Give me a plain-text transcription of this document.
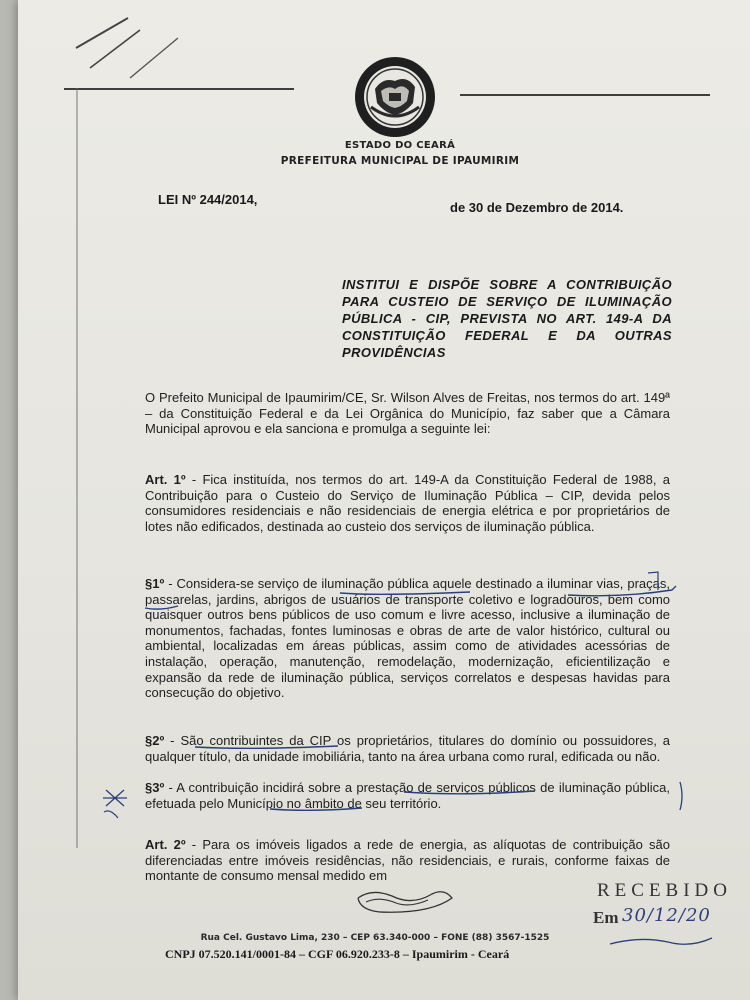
ESTADO DO CEARÁ
PREFEITURA MUNICIPAL DE IPAUMIRIM
LEI Nº 244/2014,
de 30 de Dezembro de 2014.
INSTITUI E DISPÕE SOBRE A CONTRIBUIÇÃO PARA CUSTEIO DE SERVIÇO DE ILUMINAÇÃO PÚBLICA - CIP, PREVISTA NO ART. 149-A DA CONSTITUIÇÃO FEDERAL E DA OUTRAS PROVIDÊNCIAS
O Prefeito Municipal de Ipaumirim/CE, Sr. Wilson Alves de Freitas, nos termos do art. 149ª – da Constituição Federal e da Lei Orgânica do Município, faz saber que a Câmara Municipal aprovou e ela sanciona e promulga a seguinte lei:
Art. 1º - Fica instituída, nos termos do art. 149-A da Constituição Federal de 1988, a Contribuição para o Custeio do Serviço de Iluminação Pública – CIP, devida pelos consumidores residenciais e não residenciais de energia elétrica e por proprietários de lotes não edificados, destinada ao custeio dos serviços de iluminação pública.
§1º - Considera-se serviço de iluminação pública aquele destinado a iluminar vias, praças, passarelas, jardins, abrigos de usuários de transporte coletivo e logradouros, bem como quaisquer outros bens públicos de uso comum e livre acesso, inclusive a iluminação de monumentos, fachadas, fontes luminosas e obras de arte de valor histórico, cultural ou ambiental, localizadas em áreas públicas, assim como de atividades acessórias de instalação, operação, manutenção, remodelação, modernização, eficientilização e expansão da rede de iluminação pública, serviços correlatos e despesas havidas para consecução do objetivo.
§2º - São contribuintes da CIP os proprietários, titulares do domínio ou possuidores, a qualquer título, da unidade imobiliária, tanto na área urbana como rural, edificada ou não.
§3º - A contribuição incidirá sobre a prestação de serviços públicos de iluminação pública, efetuada pelo Município no âmbito de seu território.
Art. 2º - Para os imóveis ligados a rede de energia, as alíquotas de contribuição são diferenciadas entre imóveis residências, não residenciais, e rurais, conforme faixas de montante de consumo mensal medido em
Rua Cel. Gustavo Lima, 230 – CEP 63.340-000 – FONE (88) 3567-1525
CNPJ 07.520.141/0001-84 – CGF 06.920.233-8 – Ipaumirim - Ceará
RECEBIDO
Em 30/12/20
